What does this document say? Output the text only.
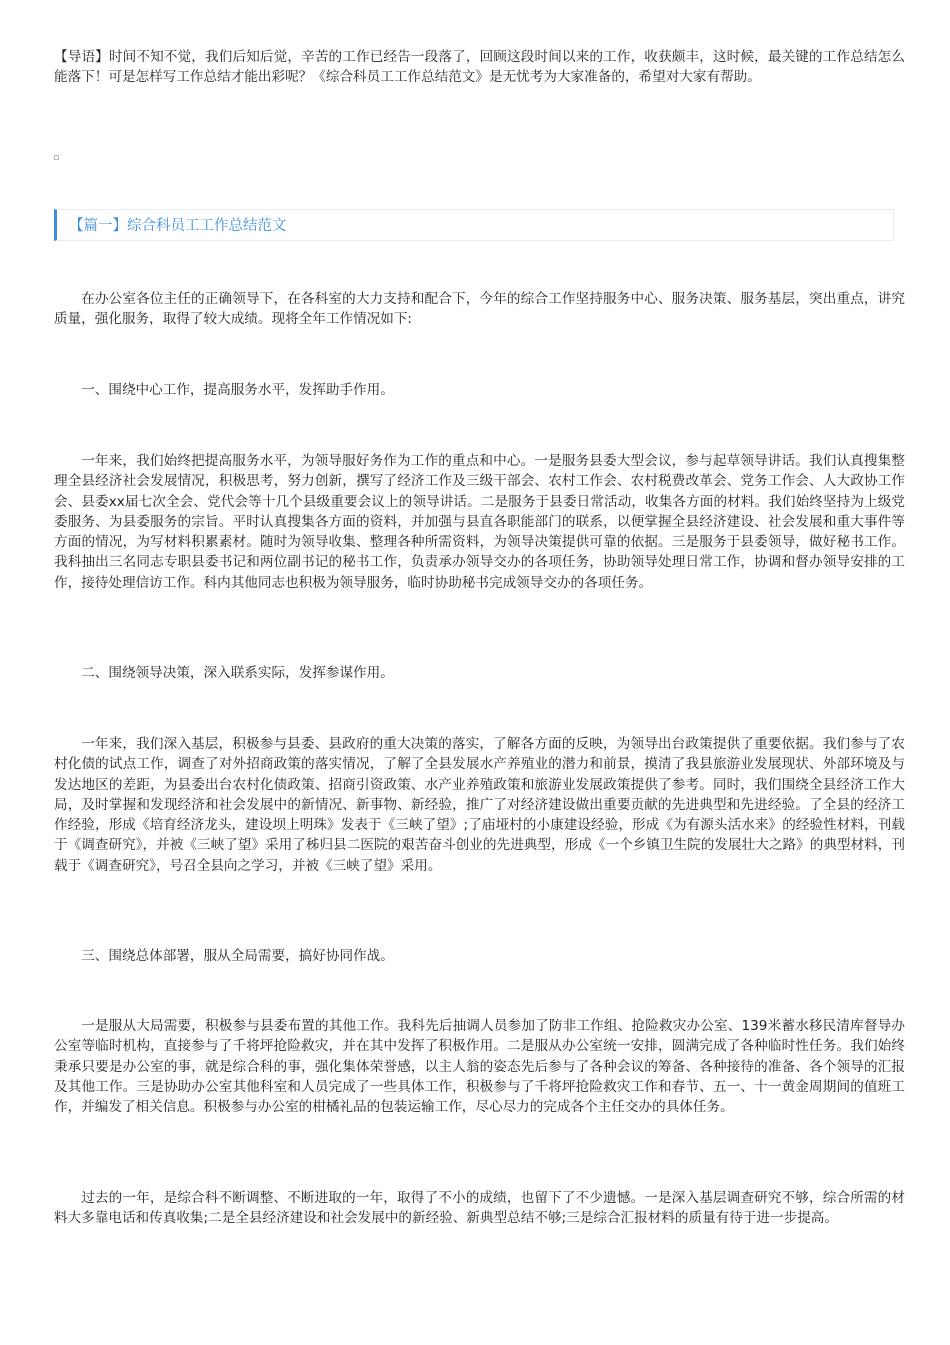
【导语】时间不知不觉，我们后知后觉，辛苦的工作已经告一段落了，回顾这段时间以来的工作，收获颇丰，这时候，最关键的工作总结怎么能落下！可是怎样写工作总结才能出彩呢？《综合科员工工作总结范文》是无忧考为大家准备的，希望对大家有帮助。

【篇一】综合科员工工作总结范文

在办公室各位主任的正确领导下，在各科室的大力支持和配合下，今年的综合工作坚持服务中心、服务决策、服务基层，突出重点，讲究质量，强化服务，取得了较大成绩。现将全年工作情况如下:

一、围绕中心工作，提高服务水平，发挥助手作用。

一年来，我们始终把提高服务水平，为领导服好务作为工作的重点和中心。一是服务县委大型会议，参与起草领导讲话。我们认真搜集整理全县经济社会发展情况，积极思考，努力创新，撰写了经济工作及三级干部会、农村工作会、农村税费改革会、党务工作会、人大政协工作会、县委xx届七次全会、党代会等十几个县级重要会议上的领导讲话。二是服务于县委日常活动，收集各方面的材料。我们始终坚持为上级党委服务、为县委服务的宗旨。平时认真搜集各方面的资料，并加强与县直各职能部门的联系，以便掌握全县经济建设、社会发展和重大事件等方面的情况，为写材料积累素材。随时为领导收集、整理各种所需资料，为领导决策提供可靠的依据。三是服务于县委领导，做好秘书工作。我科抽出三名同志专职县委书记和两位副书记的秘书工作，负责承办领导交办的各项任务，协助领导处理日常工作，协调和督办领导安排的工作，接待处理信访工作。科内其他同志也积极为领导服务，临时协助秘书完成领导交办的各项任务。

二、围绕领导决策，深入联系实际，发挥参谋作用。

一年来，我们深入基层，积极参与县委、县政府的重大决策的落实，了解各方面的反映，为领导出台政策提供了重要依据。我们参与了农村化债的试点工作，调查了对外招商政策的落实情况，了解了全县发展水产养殖业的潜力和前景，摸清了我县旅游业发展现状、外部环境及与发达地区的差距，为县委出台农村化债政策、招商引资政策、水产业养殖政策和旅游业发展政策提供了参考。同时，我们围绕全县经济工作大局，及时掌握和发现经济和社会发展中的新情况、新事物、新经验，推广了对经济建设做出重要贡献的先进典型和先进经验。了全县的经济工作经验，形成《培育经济龙头，建设坝上明珠》发表于《三峡了望》;了庙垭村的小康建设经验，形成《为有源头活水来》的经验性材料，刊载于《调查研究》，并被《三峡了望》采用了秭归县二医院的艰苦奋斗创业的先进典型，形成《一个乡镇卫生院的发展壮大之路》的典型材料，刊载于《调查研究》，号召全县向之学习，并被《三峡了望》采用。

三、围绕总体部署，服从全局需要，搞好协同作战。

一是服从大局需要，积极参与县委布置的其他工作。我科先后抽调人员参加了防非工作组、抢险救灾办公室、139米蓄水移民清库督导办公室等临时机构，直接参与了千将坪抢险救灾，并在其中发挥了积极作用。二是服从办公室统一安排，圆满完成了各种临时性任务。我们始终秉承只要是办公室的事，就是综合科的事，强化集体荣誉感，以主人翁的姿态先后参与了各种会议的筹备、各种接待的准备、各个领导的汇报及其他工作。三是协助办公室其他科室和人员完成了一些具体工作，积极参与了千将坪抢险救灾工作和春节、五一、十一黄金周期间的值班工作，并编发了相关信息。积极参与办公室的柑橘礼品的包装运输工作，尽心尽力的完成各个主任交办的具体任务。

过去的一年，是综合科不断调整、不断进取的一年，取得了不小的成绩，也留下了不少遗憾。一是深入基层调查研究不够，综合所需的材料大多靠电话和传真收集;二是全县经济建设和社会发展中的新经验、新典型总结不够;三是综合汇报材料的质量有待于进一步提高。
